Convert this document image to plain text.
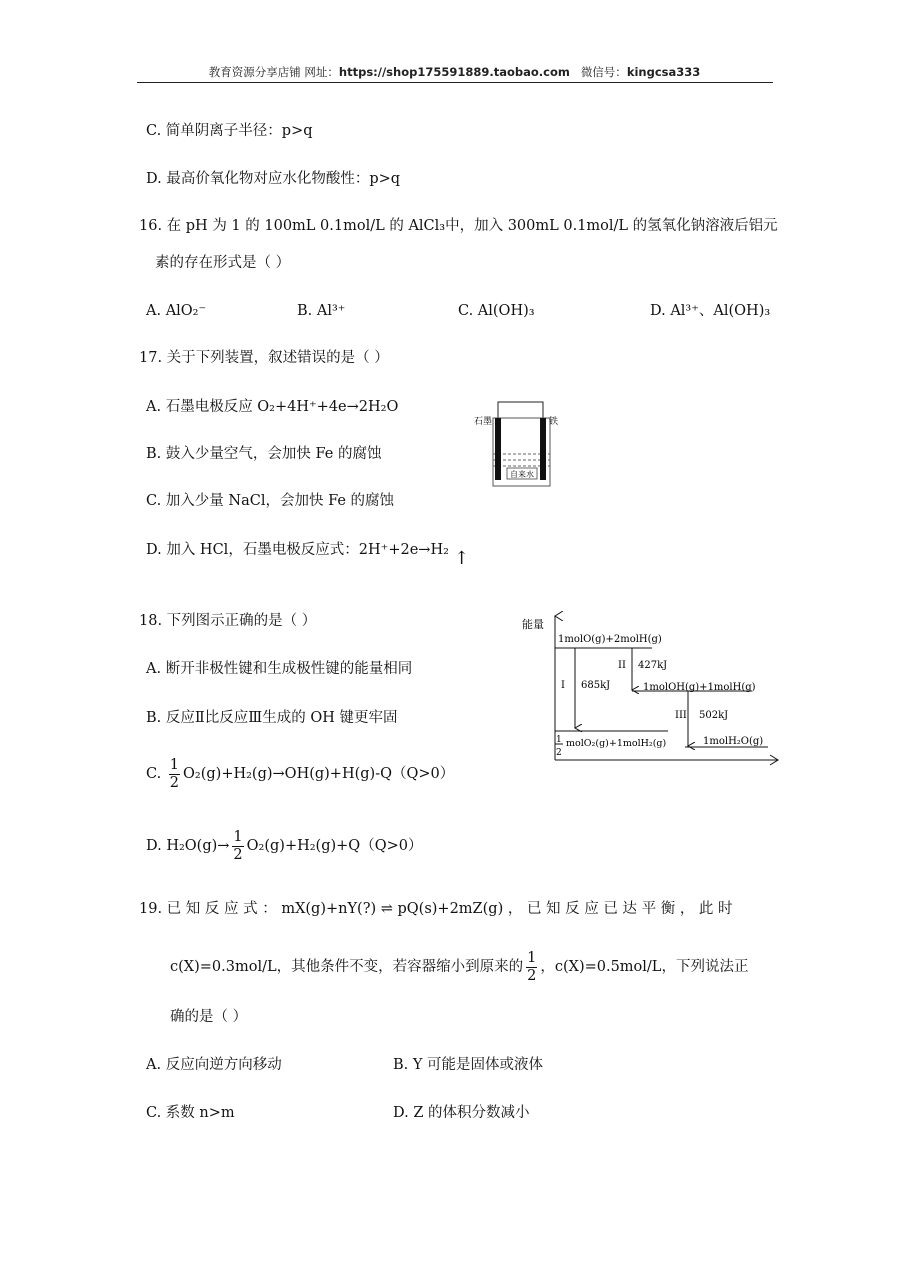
教育资源分享店铺 网址：https://shop175591889.taobao.com 微信号：kingcsa333
C. 简单阴离子半径：p>q
D. 最高价氧化物对应水化物酸性：p>q
16. 在 pH 为 1 的 100mL 0.1mol/L 的 AlCl₃中，加入 300mL 0.1mol/L 的氢氧化钠溶液后铝元
素的存在形式是（ ）
A. AlO₂⁻	B. Al³⁺	C. Al(OH)₃	D. Al³⁺、Al(OH)₃
17. 关于下列装置，叙述错误的是（ ）
A. 石墨电极反应 O₂+4H⁺+4e→2H₂O
B. 鼓入少量空气，会加快 Fe 的腐蚀
C. 加入少量 NaCl，会加快 Fe 的腐蚀
D. 加入 HCl，石墨电极反应式：2H⁺+2e→H₂ ↑
石墨	铁
自来水
18. 下列图示正确的是（ ）
A. 断开非极性键和生成极性键的能量相同
B. 反应Ⅱ比反应Ⅲ生成的 OH 键更牢固
C. $\frac{1}{2} O_2(g)+H_2(g)\to OH(g)+H(g)-Q(Q>0)$
D. $H_2O(g)\to \frac{1}{2} O_2(g)+H_2(g)+Q(Q>0)$
能量
1molO(g)+2molH(g)
I 685kJ
II 427kJ
1molOH(g)+1molH(g)
III 502kJ
1
2
molO₂(g)+1molH₂(g)	1molH₂O(g)
19. 已 知 反 应 式 ： mX(g)+nY(?) ⇌ pQ(s)+2mZ(g) ， 已 知 反 应 已 达 平 衡 ， 此 时
c(X)=0.3mol/L，其他条件不变，若容器缩小到原来的 $\frac{1}{2}$ ，c(X)=0.5mol/L，下列说法正
确的是（ ）
A. 反应向逆方向移动	B. Y 可能是固体或液体
C. 系数 n>m	D. Z 的体积分数减小
